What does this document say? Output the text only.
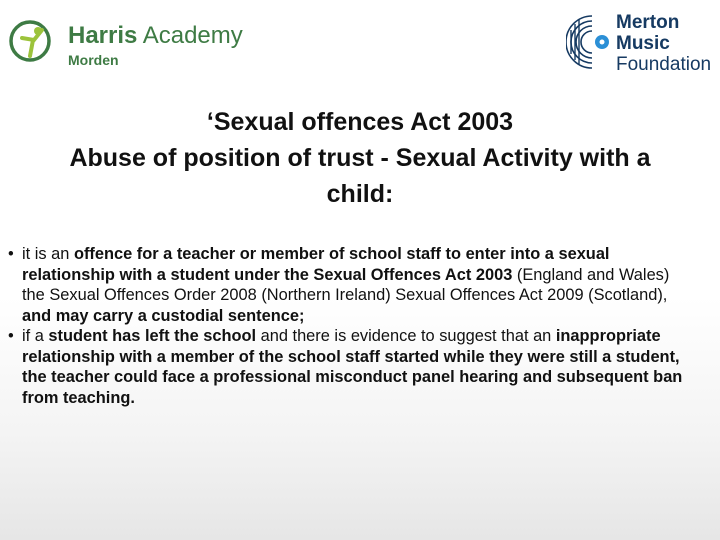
Harris Academy
Morden
Merton
Music
Foundation
‘Sexual offences Act 2003
Abuse of position of trust - Sexual Activity with a
child:
• it is an offence for a teacher or member of school staff to enter into a sexual relationship with a student under the Sexual Offences Act 2003 (England and Wales) the Sexual Offences Order 2008 (Northern Ireland) Sexual Offences Act 2009 (Scotland), and may carry a custodial sentence;
• if a student has left the school and there is evidence to suggest that an inappropriate relationship with a member of the school staff started while they were still a student, the teacher could face a professional misconduct panel hearing and subsequent ban from teaching.
